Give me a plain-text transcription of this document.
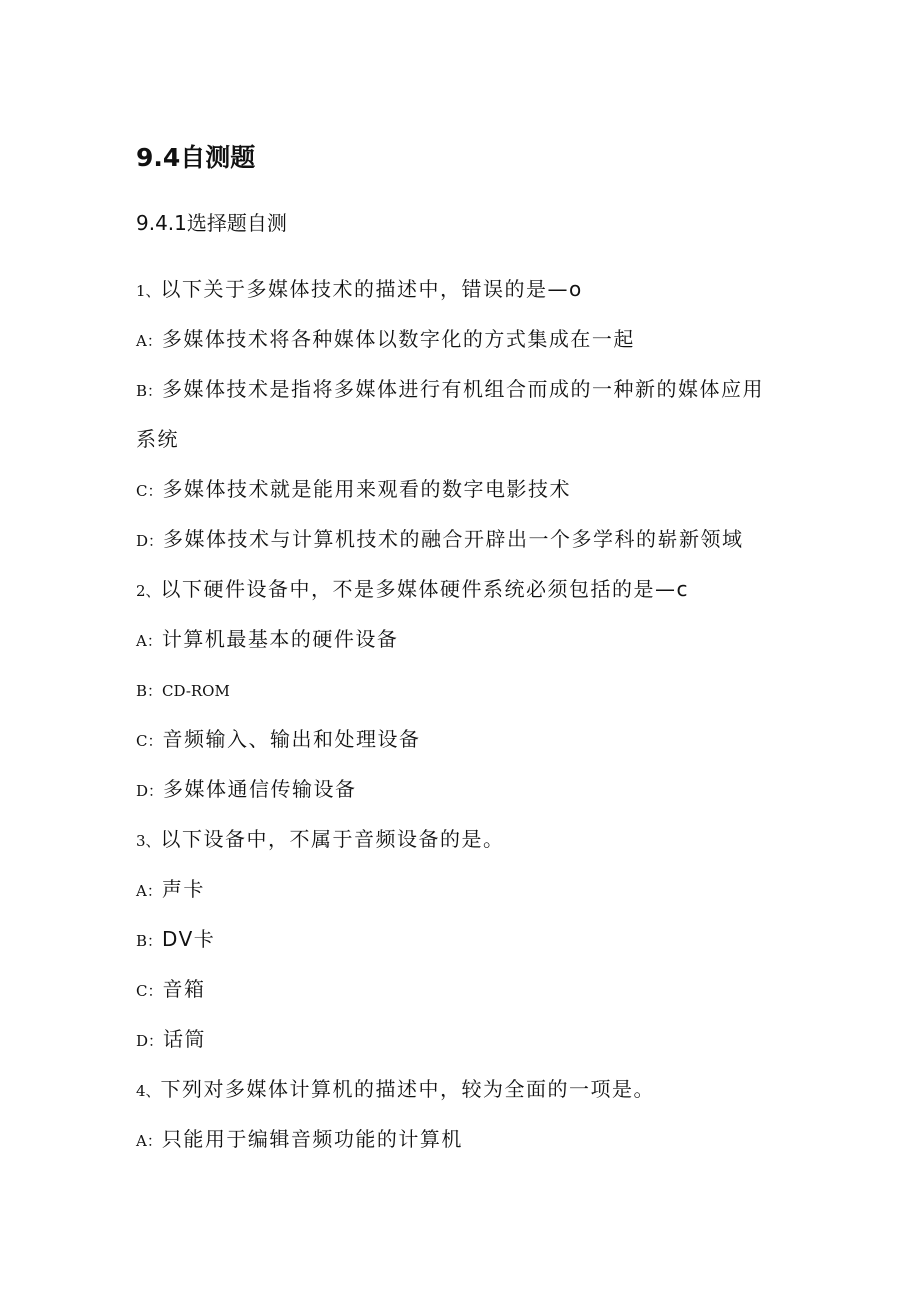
9.4自测题
9.4.1选择题自测
1、以下关于多媒体技术的描述中，错误的是—o
A：多媒体技术将各种媒体以数字化的方式集成在一起
B：多媒体技术是指将多媒体进行有机组合而成的一种新的媒体应用
系统
C：多媒体技术就是能用来观看的数字电影技术
D：多媒体技术与计算机技术的融合开辟出一个多学科的崭新领域
2、以下硬件设备中，不是多媒体硬件系统必须包括的是—c
A：计算机最基本的硬件设备
B：CD-ROM
C：音频输入、输出和处理设备
D：多媒体通信传输设备
3、以下设备中，不属于音频设备的是。
A：声卡
B：DV卡
C：音箱
D：话筒
4、下列对多媒体计算机的描述中，较为全面的一项是。
A：只能用于编辑音频功能的计算机
